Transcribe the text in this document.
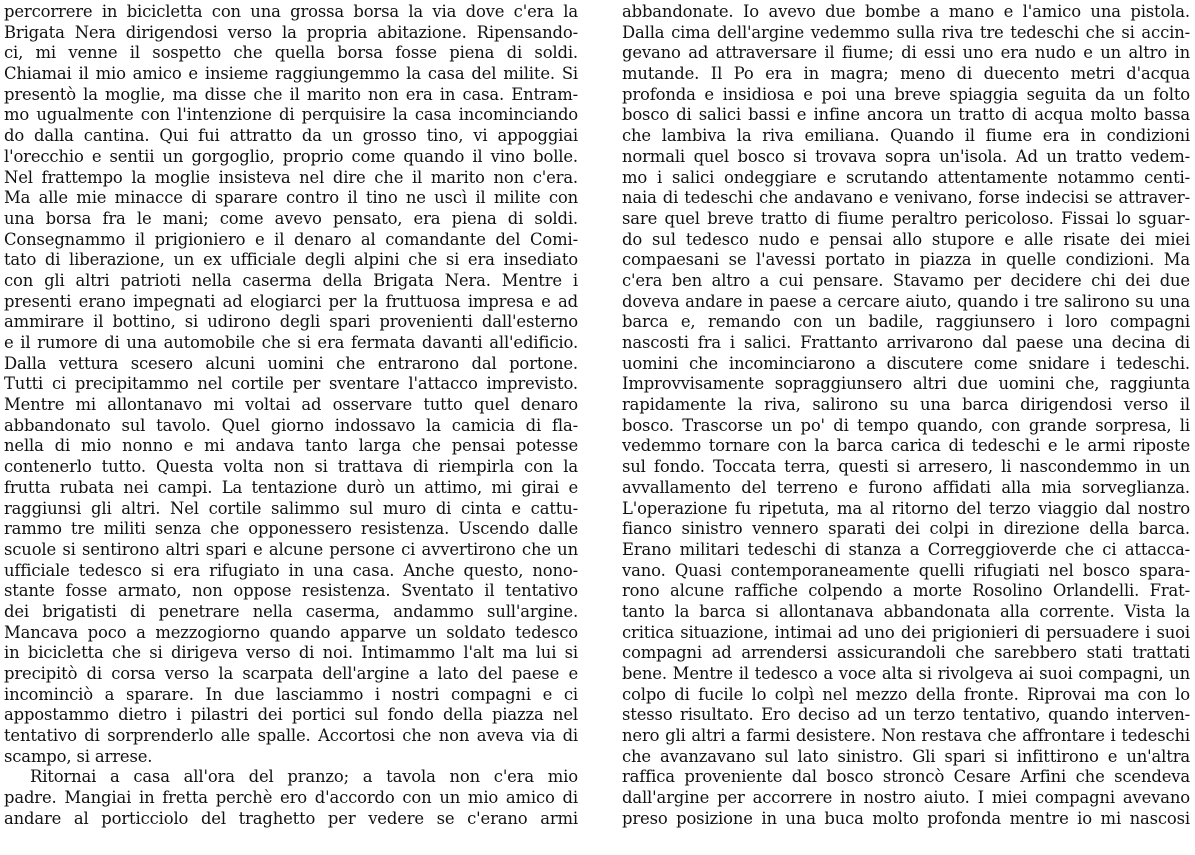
percorrere in bicicletta con una grossa borsa la via dove c'era la
Brigata Nera dirigendosi verso la propria abitazione. Ripensando-
ci, mi venne il sospetto che quella borsa fosse piena di soldi.
Chiamai il mio amico e insieme raggiungemmo la casa del milite. Si
presentò la moglie, ma disse che il marito non era in casa. Entram-
mo ugualmente con l'intenzione di perquisire la casa incominciando
do dalla cantina. Qui fui attratto da un grosso tino, vi appoggiai
l'orecchio e sentii un gorgoglio, proprio come quando il vino bolle.
Nel frattempo la moglie insisteva nel dire che il marito non c'era.
Ma alle mie minacce di sparare contro il tino ne uscì il milite con
una borsa fra le mani; come avevo pensato, era piena di soldi.
Consegnammo il prigioniero e il denaro al comandante del Comi-
tato di liberazione, un ex ufficiale degli alpini che si era insediato
con gli altri patrioti nella caserma della Brigata Nera. Mentre i
presenti erano impegnati ad elogiarci per la fruttuosa impresa e ad
ammirare il bottino, si udirono degli spari provenienti dall'esterno
e il rumore di una automobile che si era fermata davanti all'edificio.
Dalla vettura scesero alcuni uomini che entrarono dal portone.
Tutti ci precipitammo nel cortile per sventare l'attacco imprevisto.
Mentre mi allontanavo mi voltai ad osservare tutto quel denaro
abbandonato sul tavolo. Quel giorno indossavo la camicia di fla-
nella di mio nonno e mi andava tanto larga che pensai potesse
contenerlo tutto. Questa volta non si trattava di riempirla con la
frutta rubata nei campi. La tentazione durò un attimo, mi girai e
raggiunsi gli altri. Nel cortile salimmo sul muro di cinta e cattu-
rammo tre militi senza che opponessero resistenza. Uscendo dalle
scuole si sentirono altri spari e alcune persone ci avvertirono che un
ufficiale tedesco si era rifugiato in una casa. Anche questo, nono-
stante fosse armato, non oppose resistenza. Sventato il tentativo
dei brigatisti di penetrare nella caserma, andammo sull'argine.
Mancava poco a mezzogiorno quando apparve un soldato tedesco
in bicicletta che si dirigeva verso di noi. Intimammo l'alt ma lui si
precipitò di corsa verso la scarpata dell'argine a lato del paese e
incominciò a sparare. In due lasciammo i nostri compagni e ci
appostammo dietro i pilastri dei portici sul fondo della piazza nel
tentativo di sorprenderlo alle spalle. Accortosi che non aveva via di
scampo, si arrese.
Ritornai a casa all'ora del pranzo; a tavola non c'era mio
padre. Mangiai in fretta perchè ero d'accordo con un mio amico di
andare al porticciolo del traghetto per vedere se c'erano armi
abbandonate. Io avevo due bombe a mano e l'amico una pistola.
Dalla cima dell'argine vedemmo sulla riva tre tedeschi che si accin-
gevano ad attraversare il fiume; di essi uno era nudo e un altro in
mutande. Il Po era in magra; meno di duecento metri d'acqua
profonda e insidiosa e poi una breve spiaggia seguita da un folto
bosco di salici bassi e infine ancora un tratto di acqua molto bassa
che lambiva la riva emiliana. Quando il fiume era in condizioni
normali quel bosco si trovava sopra un'isola. Ad un tratto vedem-
mo i salici ondeggiare e scrutando attentamente notammo centi-
naia di tedeschi che andavano e venivano, forse indecisi se attraver-
sare quel breve tratto di fiume peraltro pericoloso. Fissai lo sguar-
do sul tedesco nudo e pensai allo stupore e alle risate dei miei
compaesani se l'avessi portato in piazza in quelle condizioni. Ma
c'era ben altro a cui pensare. Stavamo per decidere chi dei due
doveva andare in paese a cercare aiuto, quando i tre salirono su una
barca e, remando con un badile, raggiunsero i loro compagni
nascosti fra i salici. Frattanto arrivarono dal paese una decina di
uomini che incominciarono a discutere come snidare i tedeschi.
Improvvisamente sopraggiunsero altri due uomini che, raggiunta
rapidamente la riva, salirono su una barca dirigendosi verso il
bosco. Trascorse un po' di tempo quando, con grande sorpresa, li
vedemmo tornare con la barca carica di tedeschi e le armi riposte
sul fondo. Toccata terra, questi si arresero, li nascondemmo in un
avvallamento del terreno e furono affidati alla mia sorveglianza.
L'operazione fu ripetuta, ma al ritorno del terzo viaggio dal nostro
fianco sinistro vennero sparati dei colpi in direzione della barca.
Erano militari tedeschi di stanza a Correggioverde che ci attacca-
vano. Quasi contemporaneamente quelli rifugiati nel bosco spara-
rono alcune raffiche colpendo a morte Rosolino Orlandelli. Frat-
tanto la barca si allontanava abbandonata alla corrente. Vista la
critica situazione, intimai ad uno dei prigionieri di persuadere i suoi
compagni ad arrendersi assicurandoli che sarebbero stati trattati
bene. Mentre il tedesco a voce alta si rivolgeva ai suoi compagni, un
colpo di fucile lo colpì nel mezzo della fronte. Riprovai ma con lo
stesso risultato. Ero deciso ad un terzo tentativo, quando interven-
nero gli altri a farmi desistere. Non restava che affrontare i tedeschi
che avanzavano sul lato sinistro. Gli spari si infittirono e un'altra
raffica proveniente dal bosco stroncò Cesare Arfini che scendeva
dall'argine per accorrere in nostro aiuto. I miei compagni avevano
preso posizione in una buca molto profonda mentre io mi nascosi
